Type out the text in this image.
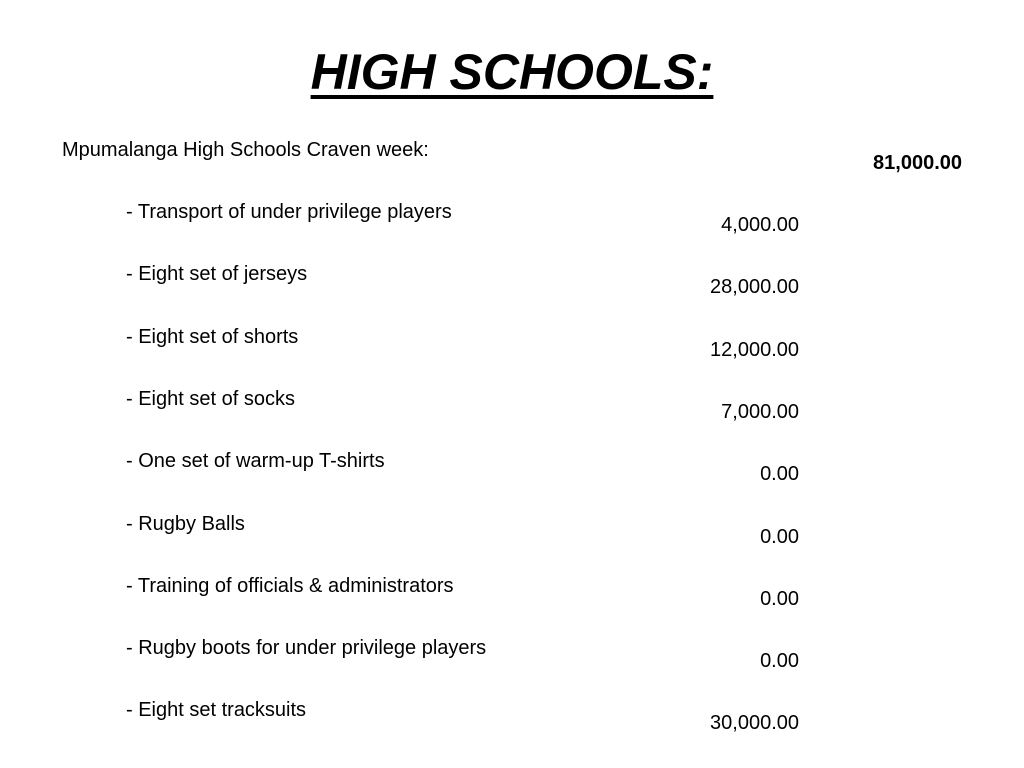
HIGH SCHOOLS:
Mpumalanga High Schools Craven week:
81,000.00
- Transport of under privilege players
4,000.00
- Eight set of jerseys
28,000.00
- Eight set of shorts
12,000.00
- Eight set of socks
7,000.00
- One set of warm-up T-shirts
0.00
- Rugby Balls
0.00
- Training of officials & administrators
0.00
- Rugby boots for under privilege players
0.00
- Eight set tracksuits
30,000.00
